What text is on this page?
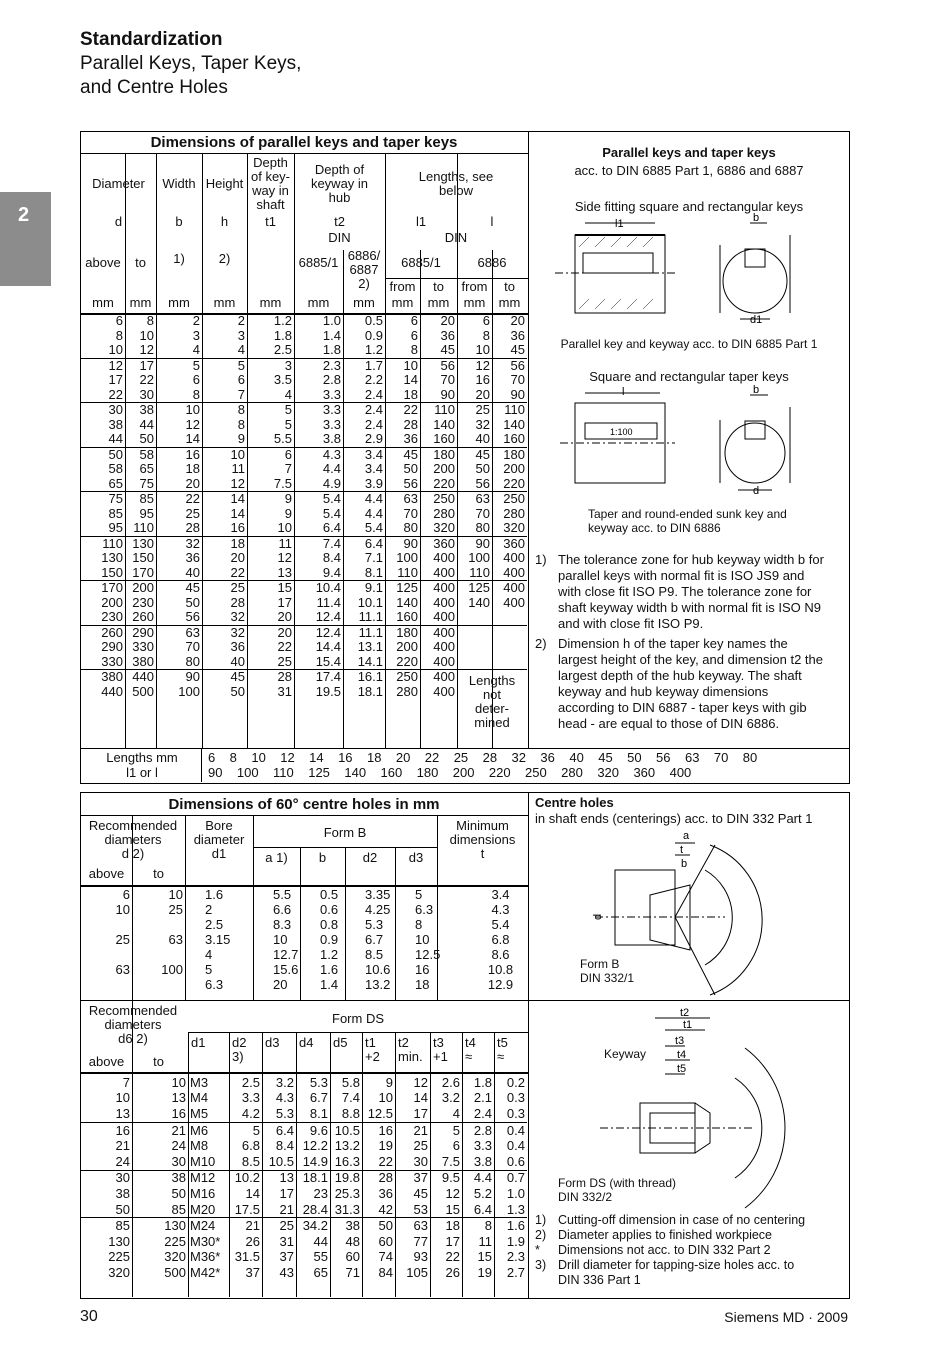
Standardization
Parallel Keys, Taper Keys,
and Centre Holes
2
Dimensions of parallel keys and taper keys
Diameter	Width Height
Depth
of key-
way in
shaft
Depth of
keyway in
hub
Lengths, see
below
d	b	h	t1	t2
DIN
l1	l
DIN
above	to	1)	2)	6885/1 6886/
6887
2)
6885/1	6886
from	to	from	to
mm	mm	mm	mm	mm	mm	mm	mm	mm	mm	mm
6	8	2	2	1.2	1.0	0.5	6	20	6	20
8	10	3	3	1.8	1.4	0.9	6	36	8	36
10	12	4	4	2.5	1.8	1.2	8	45	10	45
12	17	5	5	3	2.3	1.7	10	56	12	56
17	22	6	6	3.5	2.8	2.2	14	70	16	70
22	30	8	7	4	3.3	2.4	18	90	20	90
30	38	10	8	5	3.3	2.4	22	110	25	110
38	44	12	8	5	3.3	2.4	28	140	32	140
44	50	14	9	5.5	3.8	2.9	36	160	40	160
50	58	16	10	6	4.3	3.4	45	180	45	180
58	65	18	11	7	4.4	3.4	50	200	50	200
65	75	20	12	7.5	4.9	3.9	56	220	56	220
75	85	22	14	9	5.4	4.4	63	250	63	250
85	95	25	14	9	5.4	4.4	70	280	70	280
95	110	28	16	10	6.4	5.4	80	320	80	320
110	130	32	18	11	7.4	6.4	90	360	90	360
130	150	36	20	12	8.4	7.1	100	400	100	400
150	170	40	22	13	9.4	8.1	110	400	110	400
170	200	45	25	15	10.4	9.1	125	400	125	400
200	230	50	28	17	11.4	10.1	140	400	140	400
230	260	56	32	20	12.4	11.1	160	400		
260	290	63	32	20	12.4	11.1	180	400		
290	330	70	36	22	14.4	13.1	200	400		
330	380	80	40	25	15.4	14.1	220	400		
380	440	90	45	28	17.4	16.1	250	400		
440	500	100	50	31	19.5	18.1	280	400		
Lengths
not
deter-
mined
Lengths mm
l1 or l
6    8    10    12    14    16    18    20    22    25    28    32    36    40    45    50    56    63    70    80
90    100    110    125    140    160    180    200    220    250    280    320    360    400
Parallel keys and taper keys
acc. to DIN 6885 Part 1, 6886 and 6887
Side fitting square and rectangular keys
l1	b
d1
Parallel key and keyway acc. to DIN 6885 Part 1
Square and rectangular taper keys
1:100
l	b
d
Taper and round-ended sunk key and
keyway acc. to DIN 6886
1) The tolerance zone for hub keyway width b for
parallel keys with normal fit is ISO JS9 and
with close fit ISO P9. The tolerance zone for
shaft keyway width b with normal fit is ISO N9
and with close fit ISO P9.
2) Dimension h of the taper key names the
largest height of the key, and dimension t2 the
largest depth of the hub keyway. The shaft
keyway and hub keyway dimensions
according to DIN 6887 - taper keys with gib
head - are equal to those of DIN 6886.
Dimensions of 60° centre holes in mm
Recommended
diameters
d 2)
Bore
diameter
d1
Form B	Minimum
dimensions
t
a 1)	b	d2	d3
above	to
Recommended
diameters
d6 2)
Form DS
d1	d2
3)
d3	d4	d5	t1
+2
t2
min.
t3
+1
t4
≈
t5
≈
above	to
6	10	1.6	5.5	0.5	3.35	5	3.4
10	25	2	6.6	0.6	4.25	6.3	4.3
		2.5	8.3	0.8	5.3	8	5.4
25	63	3.15	10	0.9	6.7	10	6.8
		4	12.7	1.2	8.5	12.5	8.6
63	100	5	15.6	1.6	10.6	16	10.8
		6.3	20	1.4	13.2	18	12.9
7	10	M3	2.5	3.2	5.3	5.8	9	12	2.6	1.8	0.2
10	13	M4	3.3	4.3	6.7	7.4	10	14	3.2	2.1	0.3
13	16	M5	4.2	5.3	8.1	8.8	12.5	17	4	2.4	0.3
16	21	M6	5	6.4	9.6	10.5	16	21	5	2.8	0.4
21	24	M8	6.8	8.4	12.2	13.2	19	25	6	3.3	0.4
24	30	M10	8.5	10.5	14.9	16.3	22	30	7.5	3.8	0.6
30	38	M12	10.2	13	18.1	19.8	28	37	9.5	4.4	0.7
38	50	M16	14	17	23	25.3	36	45	12	5.2	1.0
50	85	M20	17.5	21	28.4	31.3	42	53	15	6.4	1.3
85	130	M24	21	25	34.2	38	50	63	18	8	1.6
130	225	M30*	26	31	44	48	60	77	17	11	1.9
225	320	M36*	31.5	37	55	60	74	93	22	15	2.3
320	500	M42*	37	43	65	71	84	105	26	19	2.7
Centre holes
in shaft ends (centerings) acc. to DIN 332 Part 1
a
t
b
d
Form B
DIN 332/1
t2
t1
t3
t4
t5
Keyway
Form DS (with thread)
DIN 332/2
1) Cutting-off dimension in case of no centering
2) Diameter applies to finished workpiece
* Dimensions not acc. to DIN 332 Part 2
3) Drill diameter for tapping-size holes acc. to
DIN 336 Part 1
30	Siemens MD · 2009
